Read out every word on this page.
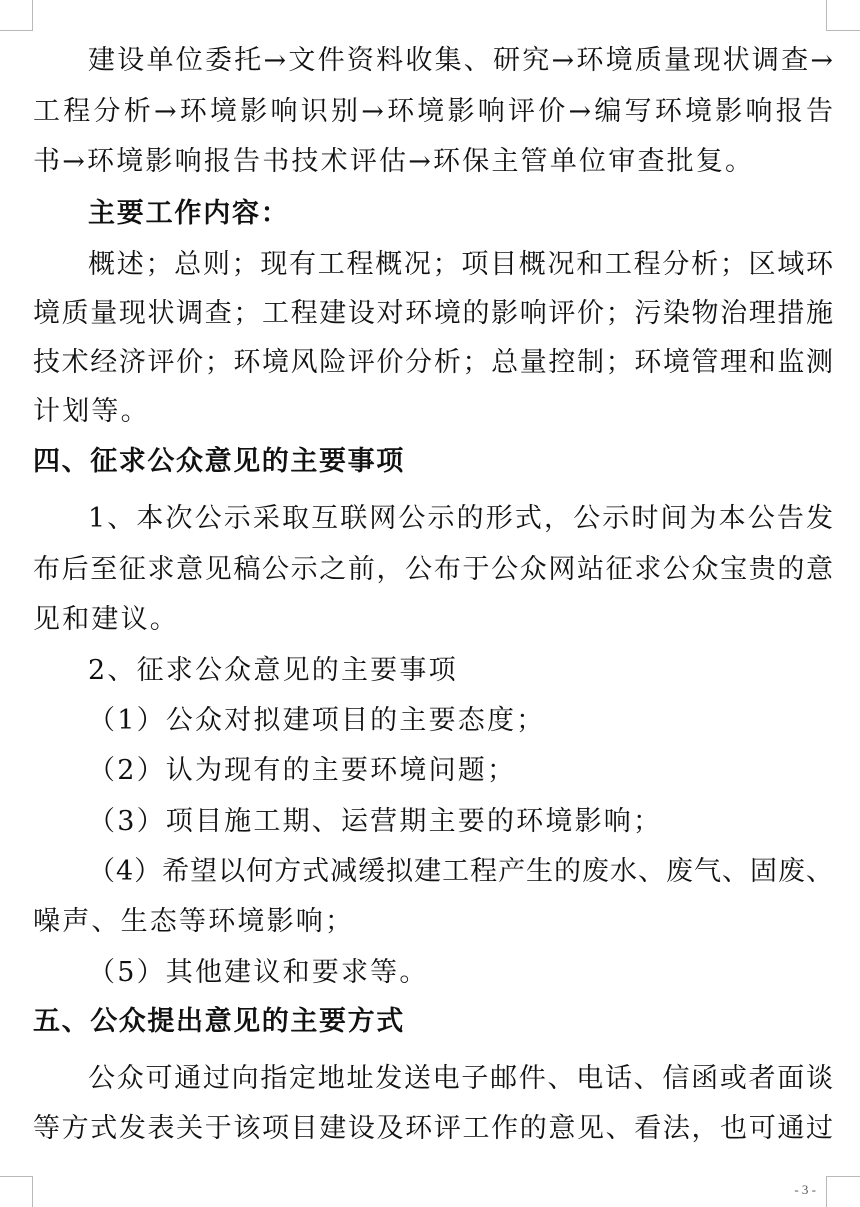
建设单位委托→文件资料收集、研究→环境质量现状调查→
工程分析→环境影响识别→环境影响评价→编写环境影响报告
书→环境影响报告书技术评估→环保主管单位审查批复。
主要工作内容：
概述；总则；现有工程概况；项目概况和工程分析；区域环
境质量现状调查；工程建设对环境的影响评价；污染物治理措施
技术经济评价；环境风险评价分析；总量控制；环境管理和监测
计划等。
四、征求公众意见的主要事项
1、本次公示采取互联网公示的形式，公示时间为本公告发
布后至征求意见稿公示之前，公布于公众网站征求公众宝贵的意
见和建议。
2、征求公众意见的主要事项
（1）公众对拟建项目的主要态度；
（2）认为现有的主要环境问题；
（3）项目施工期、运营期主要的环境影响；
（4）希望以何方式减缓拟建工程产生的废水、废气、固废、
噪声、生态等环境影响；
（5）其他建议和要求等。
五、公众提出意见的主要方式
公众可通过向指定地址发送电子邮件、电话、信函或者面谈
等方式发表关于该项目建设及环评工作的意见、看法，也可通过
- 3 -
